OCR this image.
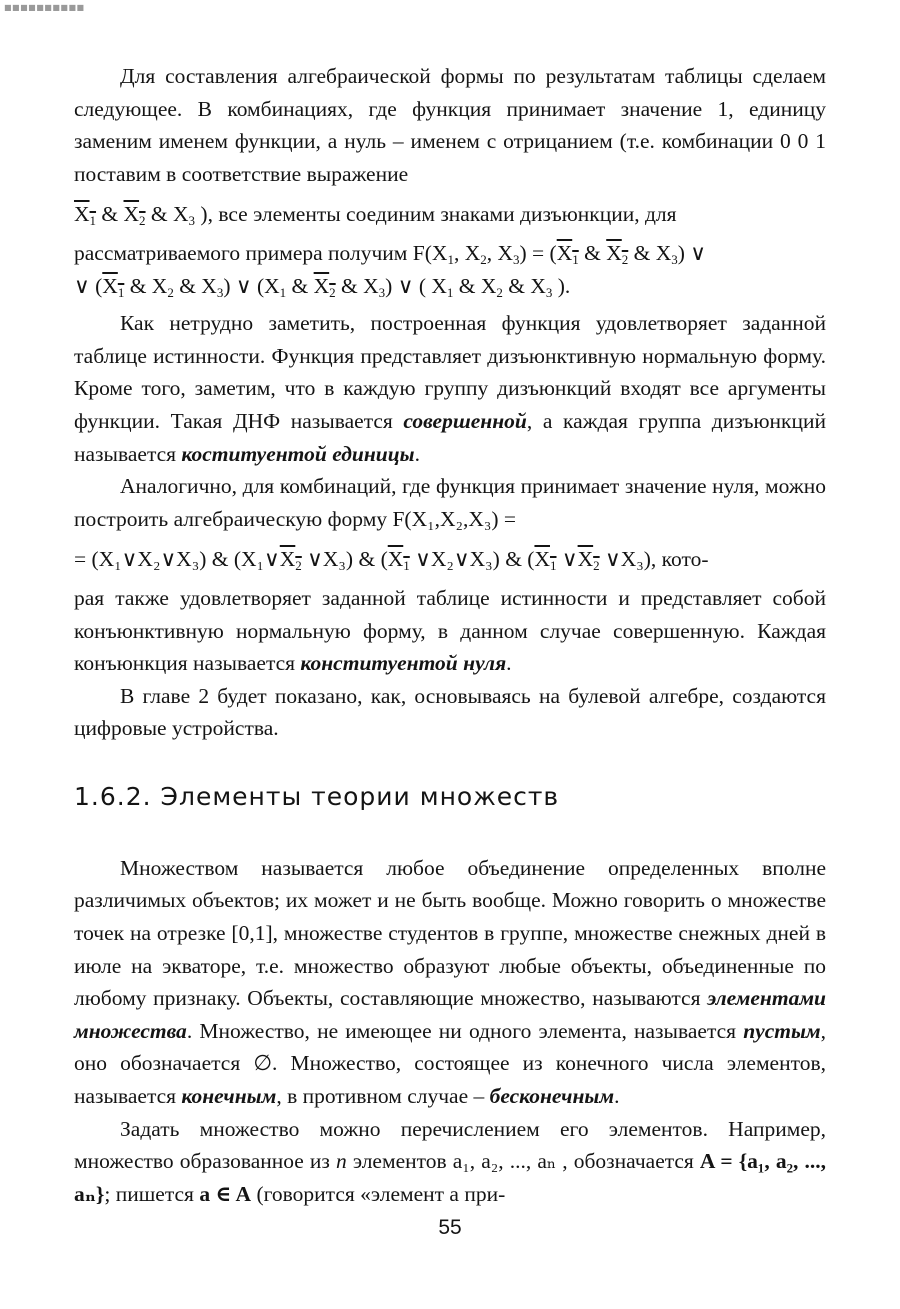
■■■■■■■■■■

Для составления алгебраической формы по результатам таблицы сделаем следующее. В комбинациях, где функция принимает значение 1, единицу заменим именем функции, а нуль – именем с отрицанием (т.е. комбинации 0 0 1 поставим в соответствие выражение

$X_1$ & $X_2$ & $X_3$ ), все элементы соединим знаками дизъюнкции, для
рассматриваемого примера получим $F(X_1$, $X_2$, $X_3) = (X_1$ & $X_2$ & $X_3$) ∨
∨ ($X_1$ & $X_2$ & $X_3$) ∨ ($X_1$ & $X_2$ & $X_3$) ∨ ( $X_1$ & $X_2$ & $X_3$ ).

Как нетрудно заметить, построенная функция удовлетворяет заданной таблице истинности. Функция представляет дизъюнктивную нормальную форму. Кроме того, заметим, что в каждую группу дизъюнкций входят все аргументы функции. Такая ДНФ называется совершенной, а каждая группа дизъюнкций называется коституентой единицы.

Аналогично, для комбинаций, где функция принимает значение нуля, можно построить алгебраическую форму F(X₁,X₂,X₃) =

= (X₁∨X₂∨X₃) & ($X_1\vee X_2$ ∨X₃) & ($X_1$ ∨X₂∨X₃) & ($X_1$ $\vee X_2$ ∨X₃), кото-

рая также удовлетворяет заданной таблице истинности и представляет собой конъюнктивную нормальную форму, в данном случае совершенную. Каждая конъюнкция называется конституентой нуля.

В главе 2 будет показано, как, основываясь на булевой алгебре, создаются цифровые устройства.

1.6.2. Элементы теории множеств

Множеством называется любое объединение определенных вполне различимых объектов; их может и не быть вообще. Можно говорить о множестве точек на отрезке [0,1], множестве студентов в группе, множестве снежных дней в июле на экваторе, т.е. множество образуют любые объекты, объединенные по любому признаку. Объекты, составляющие множество, называются элементами множества. Множество, не имеющее ни одного элемента, называется пустым, оно обозначается ∅. Множество, состоящее из конечного числа элементов, называется конечным, в противном случае – бесконечным.

Задать множество можно перечислением его элементов. Например, множество образованное из n элементов a₁, a₂, ..., aₙ , обозначается A = {a₁, a₂, ..., aₙ}; пишется a ∈ A (говорится «элемент a при-

55
